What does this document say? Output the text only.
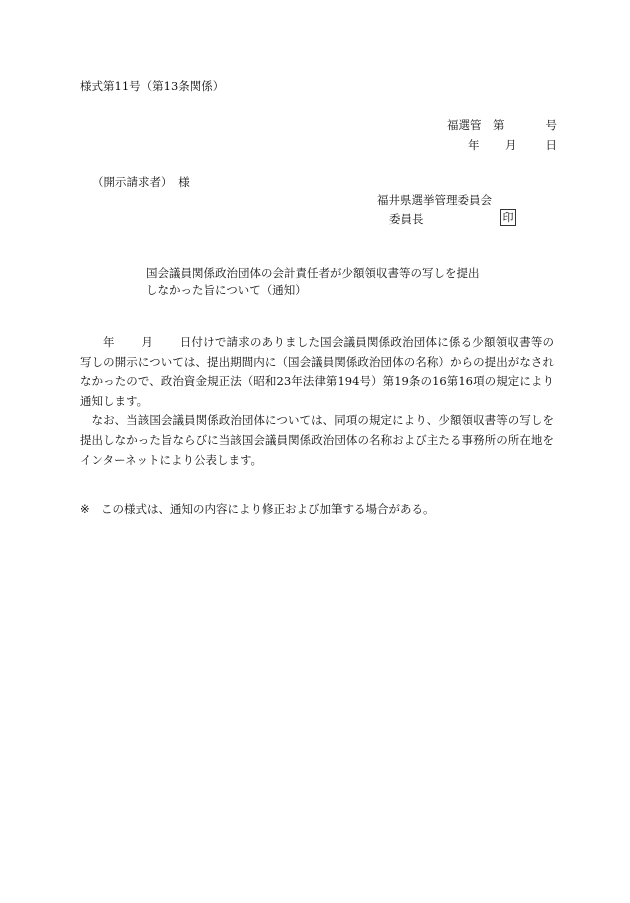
様式第11号（第13条関係）
福選管 第	号
年 月	日
（開示請求者）　様
福井県選挙管理委員会
委員長	印
国会議員関係政治団体の会計責任者が少額領収書等の写しを提出
しなかった旨について（通知）

年 月 日付けで請求のありました国会議員関係政治団体に係る少額領収書等の写しの開示については、提出期間内に（国会議員関係政治団体の名称）からの提出がなされなかったので、政治資金規正法（昭和23年法律第194号）第19条の16第16項の規定により通知します。

なお、当該国会議員関係政治団体については、同項の規定により、少額領収書等の写しを提出しなかった旨ならびに当該国会議員関係政治団体の名称および主たる事務所の所在地をインターネットにより公表します。

※ この様式は、通知の内容により修正および加筆する場合がある。
